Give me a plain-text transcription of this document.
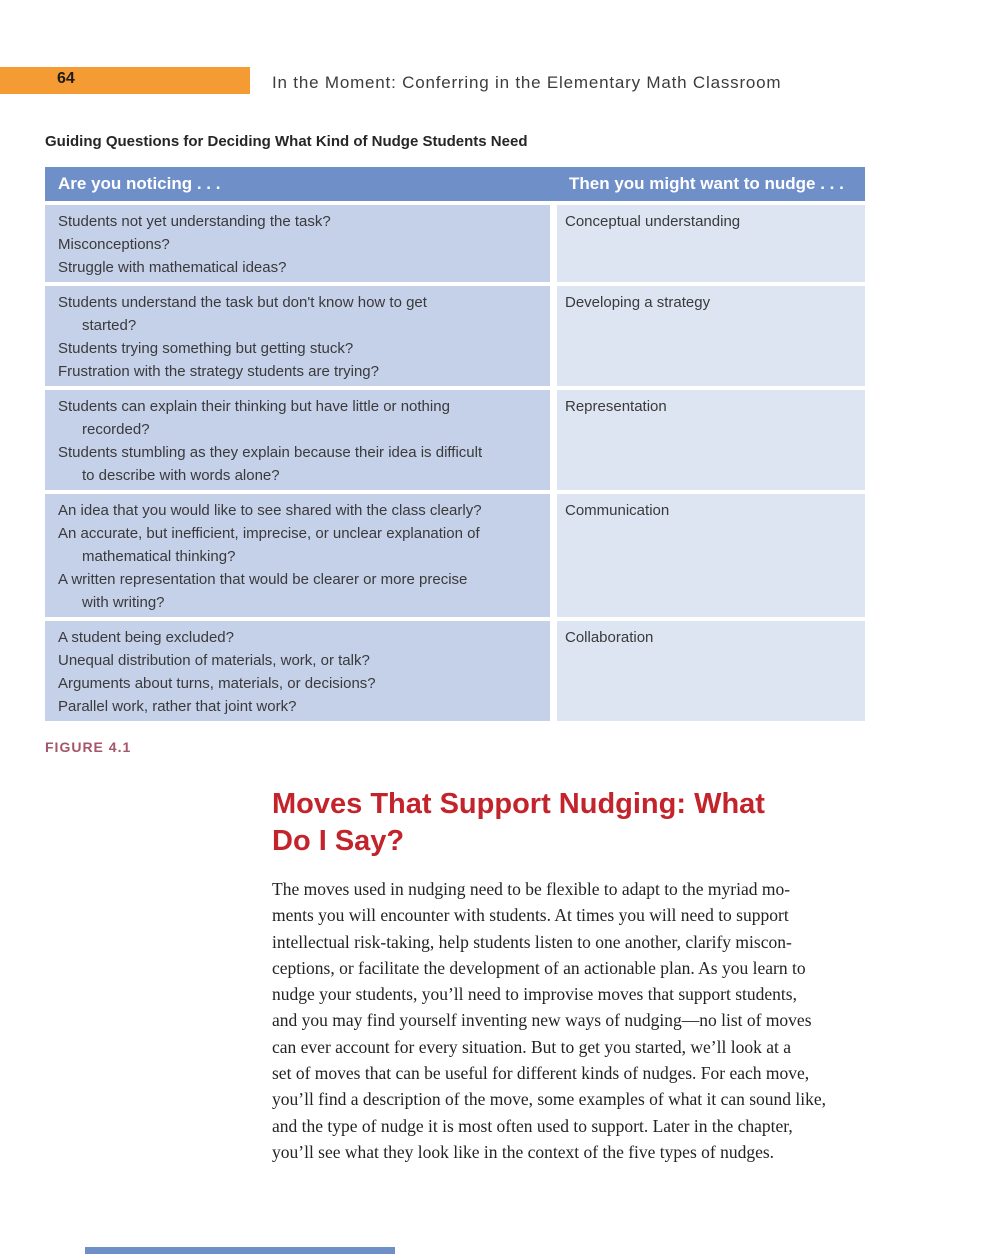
64	In the Moment: Conferring in the Elementary Math Classroom
Guiding Questions for Deciding What Kind of Nudge Students Need
Are you noticing . . .	Then you might want to nudge . . .
Students not yet understanding the task?
Misconceptions?
Struggle with mathematical ideas?
Conceptual understanding
Students understand the task but don't know how to get
started?
Students trying something but getting stuck?
Frustration with the strategy students are trying?
Developing a strategy
Students can explain their thinking but have little or nothing
recorded?
Students stumbling as they explain because their idea is difficult
to describe with words alone?
Representation
An idea that you would like to see shared with the class clearly?
An accurate, but inefficient, imprecise, or unclear explanation of
mathematical thinking?
A written representation that would be clearer or more precise
with writing?
Communication
A student being excluded?
Unequal distribution of materials, work, or talk?
Arguments about turns, materials, or decisions?
Parallel work, rather that joint work?
Collaboration
FIGURE 4.1
Moves That Support Nudging: What
Do I Say?
The moves used in nudging need to be flexible to adapt to the myriad mo-
ments you will encounter with students. At times you will need to support
intellectual risk-taking, help students listen to one another, clarify miscon-
ceptions, or facilitate the development of an actionable plan. As you learn to
nudge your students, you’ll need to improvise moves that support students,
and you may find yourself inventing new ways of nudging—no list of moves
can ever account for every situation. But to get you started, we’ll look at a
set of moves that can be useful for different kinds of nudges. For each move,
you’ll find a description of the move, some examples of what it can sound like,
and the type of nudge it is most often used to support. Later in the chapter,
you’ll see what they look like in the context of the five types of nudges.
